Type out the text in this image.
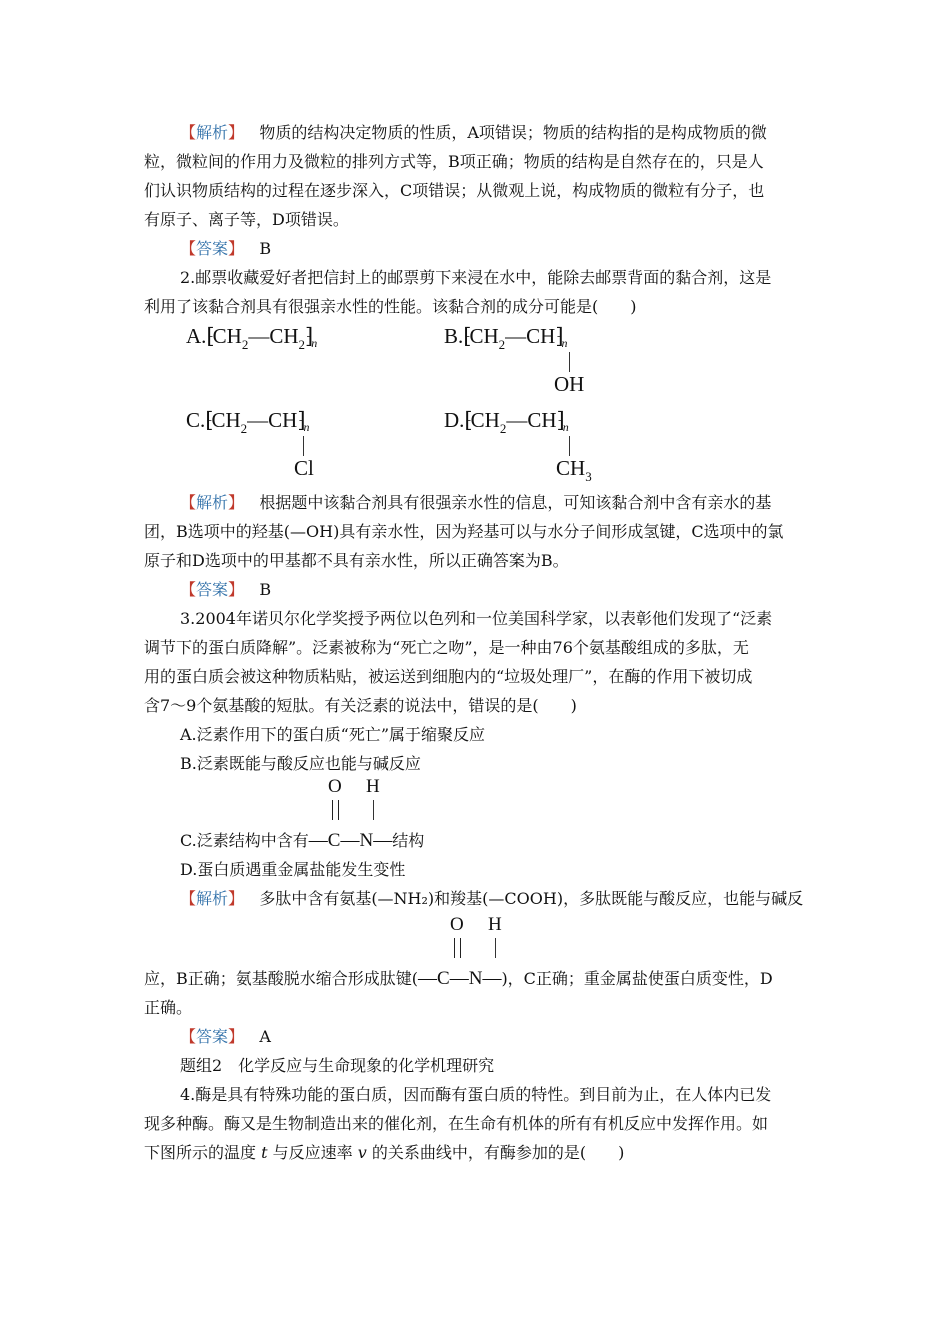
【解析】 物质的结构决定物质的性质，A项错误；物质的结构指的是构成物质的微
粒，微粒间的作用力及微粒的排列方式等，B项正确；物质的结构是自然存在的，只是人
们认识物质结构的过程在逐步深入，C项错误；从微观上说，构成物质的微粒有分子，也
有原子、离子等，D项错误。
【答案】 B
2.邮票收藏爱好者把信封上的邮票剪下来浸在水中，能除去邮票背面的黏合剂，这是
利用了该黏合剂具有很强亲水性的性能。该黏合剂的成分可能是(　　)
$A.⁅CH_2—CH_2⁆n$	$B.⁅CH_2—CH⁆n$
OH
$C.⁅CH_2—CH⁆n$
Cl
$D.⁅CH_2—CH⁆n$
$CH_3$
【解析】 根据题中该黏合剂具有很强亲水性的信息，可知该黏合剂中含有亲水的基
团，B选项中的羟基(—OH)具有亲水性，因为羟基可以与水分子间形成氢键，C选项中的氯
原子和D选项中的甲基都不具有亲水性，所以正确答案为B。
【答案】 B
3.2004年诺贝尔化学奖授予两位以色列和一位美国科学家，以表彰他们发现了“泛素
调节下的蛋白质降解”。泛素被称为“死亡之吻”，是一种由76个氨基酸组成的多肽，无
用的蛋白质会被这种物质粘贴，被运送到细胞内的“垃圾处理厂”，在酶的作用下被切成
含7～9个氨基酸的短肽。有关泛素的说法中，错误的是(　　)
A.泛素作用下的蛋白质“死亡”属于缩聚反应
B.泛素既能与酸反应也能与碱反应
O H
C.泛素结构中含有—C—N—结构
D.蛋白质遇重金属盐能发生变性
【解析】 多肽中含有氨基(—NH₂)和羧基(—COOH)，多肽既能与酸反应，也能与碱反
O H
应，B正确；氨基酸脱水缩合形成肽键(—C—N—)，C正确；重金属盐使蛋白质变性，D
正确。
【答案】 A
题组2　化学反应与生命现象的化学机理研究
4.酶是具有特殊功能的蛋白质，因而酶有蛋白质的特性。到目前为止，在人体内已发
现多种酶。酶又是生物制造出来的催化剂，在生命有机体的所有有机反应中发挥作用。如
下图所示的温度 t 与反应速率 v 的关系曲线中，有酶参加的是(　　)
